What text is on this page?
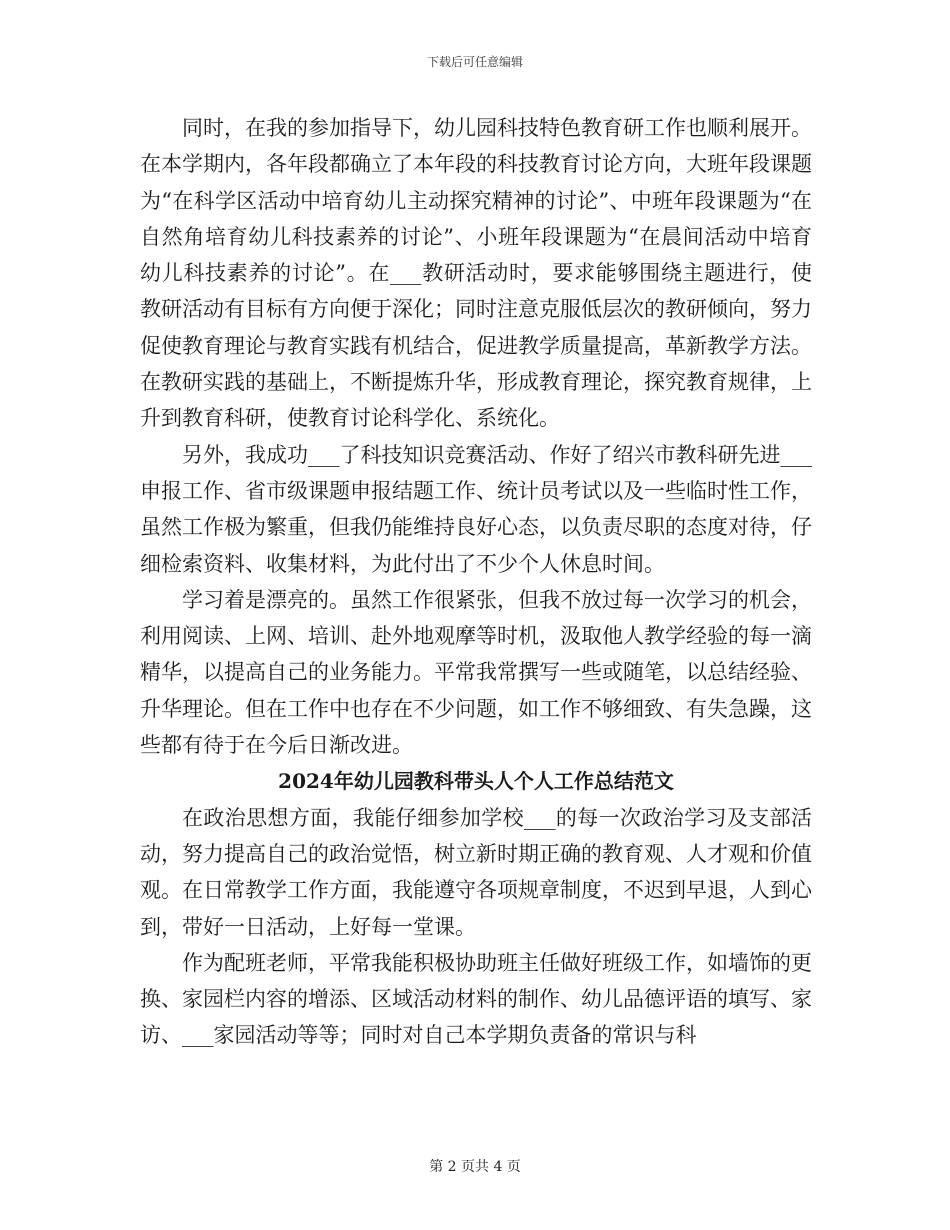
下载后可任意编辑

同时，在我的参加指导下，幼儿园科技特色教育研工作也顺利展开。在本学期内，各年段都确立了本年段的科技教育讨论方向，大班年段课题为“在科学区活动中培育幼儿主动探究精神的讨论”、中班年段课题为“在自然角培育幼儿科技素养的讨论”、小班年段课题为“在晨间活动中培育幼儿科技素养的讨论”。在___教研活动时，要求能够围绕主题进行，使教研活动有目标有方向便于深化；同时注意克服低层次的教研倾向，努力促使教育理论与教育实践有机结合，促进教学质量提高，革新教学方法。在教研实践的基础上，不断提炼升华，形成教育理论，探究教育规律，上升到教育科研，使教育讨论科学化、系统化。

另外，我成功___了科技知识竞赛活动、作好了绍兴市教科研先进___申报工作、省市级课题申报结题工作、统计员考试以及一些临时性工作，虽然工作极为繁重，但我仍能维持良好心态，以负责尽职的态度对待，仔细检索资料、收集材料，为此付出了不少个人休息时间。

学习着是漂亮的。虽然工作很紧张，但我不放过每一次学习的机会，利用阅读、上网、培训、赴外地观摩等时机，汲取他人教学经验的每一滴精华，以提高自己的业务能力。平常我常撰写一些或随笔，以总结经验、升华理论。但在工作中也存在不少问题，如工作不够细致、有失急躁，这些都有待于在今后日渐改进。

2024年幼儿园教科带头人个人工作总结范文

在政治思想方面，我能仔细参加学校___的每一次政治学习及支部活动，努力提高自己的政治觉悟，树立新时期正确的教育观、人才观和价值观。在日常教学工作方面，我能遵守各项规章制度，不迟到早退，人到心到，带好一日活动，上好每一堂课。

作为配班老师，平常我能积极协助班主任做好班级工作，如墙饰的更换、家园栏内容的增添、区域活动材料的制作、幼儿品德评语的填写、家访、___家园活动等等；同时对自己本学期负责备的常识与科

第 2 页共 4 页
